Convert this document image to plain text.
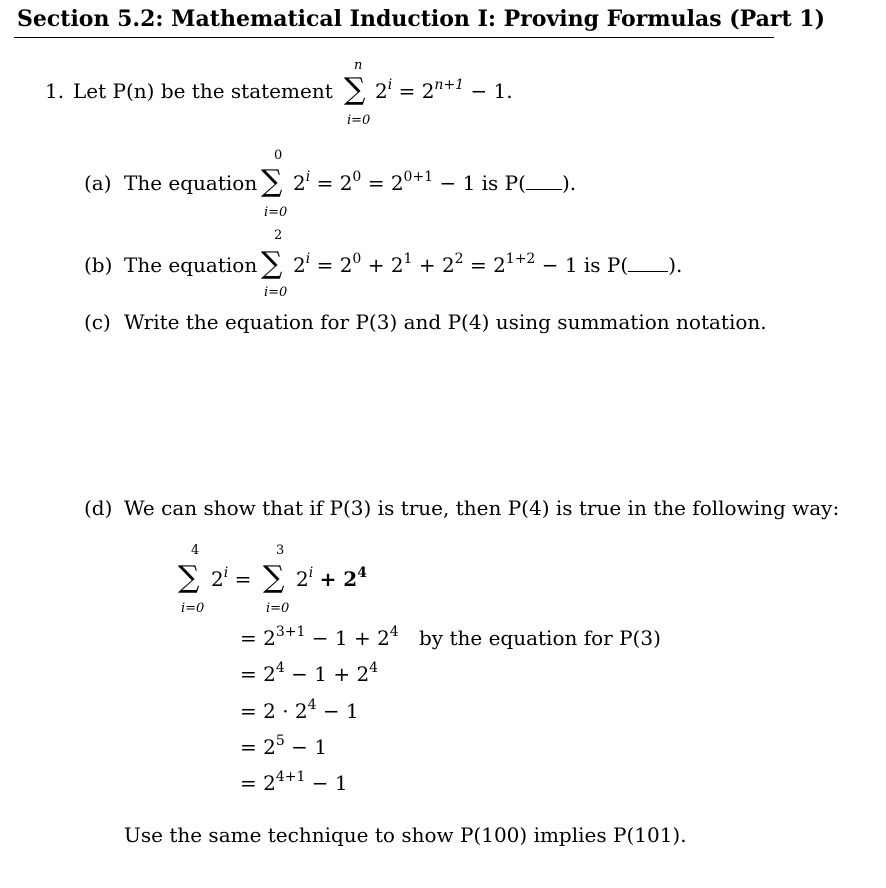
Section 5.2: Mathematical Induction I: Proving Formulas (Part 1)
1. Let P(n) be the statement
n
∑
i=0
$2^i = 2^{n+1} - 1$.
(a) The equation
0
∑
i=0
$2^i = 2^0 = 2^{0+1} - 1$ is P( ).
(b) The equation
2
∑
i=0
$2^i = 2^0 + 2^1 + 2^2 = 2^{1+2} - 1$ is P( ).
(c) Write the equation for P(3) and P(4) using summation notation.
(d) We can show that if P(3) is true, then P(4) is true in the following way:
4
∑
i=0
$2^i$ =
3
∑
i=0
$2^i + 2^4$
= $2^{3+1} - 1 + 2^4$ by the equation for P(3)
= $2^4 - 1 + 2^4$
= $2 \cdot 2^4 - 1$
= $2^5 - 1$
= $2^{4+1} - 1$
Use the same technique to show P(100) implies P(101).
